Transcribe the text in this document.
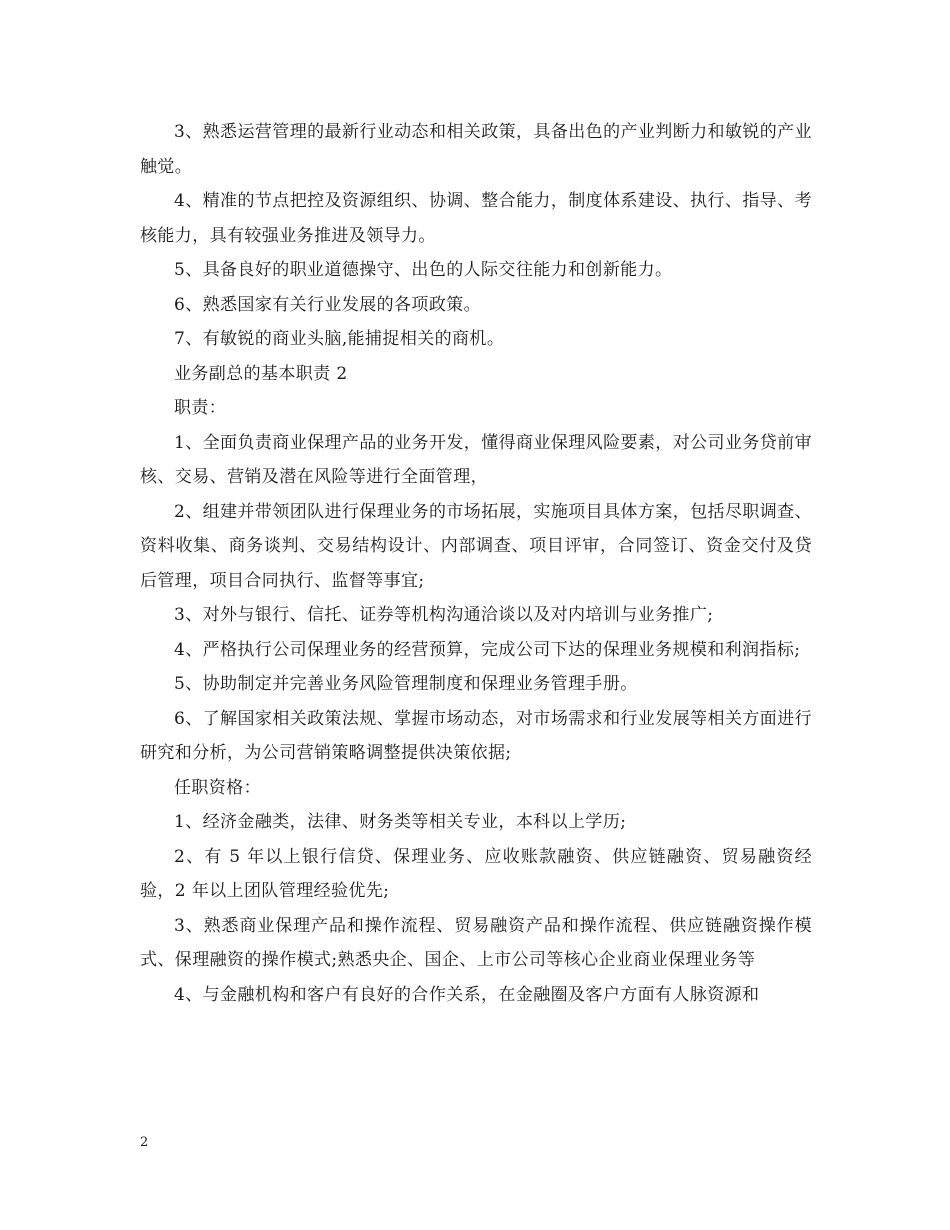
3、熟悉运营管理的最新行业动态和相关政策，具备出色的产业判断力和敏锐的产业触觉。

4、精准的节点把控及资源组织、协调、整合能力，制度体系建设、执行、指导、考核能力，具有较强业务推进及领导力。

5、具备良好的职业道德操守、出色的人际交往能力和创新能力。

6、熟悉国家有关行业发展的各项政策。

7、有敏锐的商业头脑,能捕捉相关的商机。

业务副总的基本职责 2

职责：

1、全面负责商业保理产品的业务开发，懂得商业保理风险要素，对公司业务贷前审核、交易、营销及潜在风险等进行全面管理，

2、组建并带领团队进行保理业务的市场拓展，实施项目具体方案，包括尽职调查、资料收集、商务谈判、交易结构设计、内部调查、项目评审，合同签订、资金交付及贷后管理，项目合同执行、监督等事宜;

3、对外与银行、信托、证券等机构沟通洽谈以及对内培训与业务推广;

4、严格执行公司保理业务的经营预算，完成公司下达的保理业务规模和利润指标;

5、协助制定并完善业务风险管理制度和保理业务管理手册。

6、了解国家相关政策法规、掌握市场动态，对市场需求和行业发展等相关方面进行研究和分析，为公司营销策略调整提供决策依据;

任职资格：

1、经济金融类，法律、财务类等相关专业，本科以上学历;

2、有 5 年以上银行信贷、保理业务、应收账款融资、供应链融资、贸易融资经验，2 年以上团队管理经验优先;

3、熟悉商业保理产品和操作流程、贸易融资产品和操作流程、供应链融资操作模式、保理融资的操作模式;熟悉央企、国企、上市公司等核心企业商业保理业务等

4、与金融机构和客户有良好的合作关系，在金融圈及客户方面有人脉资源和

2
